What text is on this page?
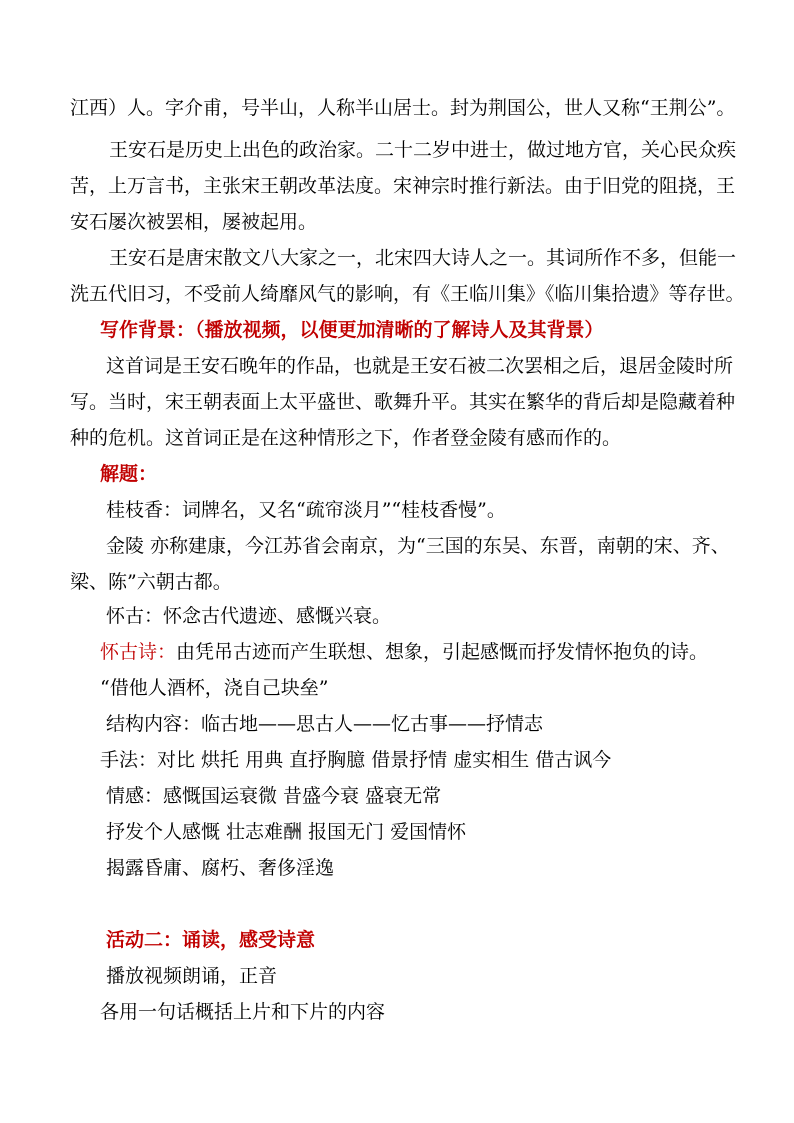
江西）人。字介甫，号半山，人称半山居士。封为荆国公，世人又称“王荆公”。
王安石是历史上出色的政治家。二十二岁中进士，做过地方官，关心民众疾
苦，上万言书，主张宋王朝改革法度。宋神宗时推行新法。由于旧党的阻挠，王
安石屡次被罢相，屡被起用。
王安石是唐宋散文八大家之一，北宋四大诗人之一。其词所作不多，但能一
洗五代旧习，不受前人绮靡风气的影响，有《王临川集》《临川集拾遗》等存世。
写作背景：（播放视频，以便更加清晰的了解诗人及其背景）
这首词是王安石晚年的作品，也就是王安石被二次罢相之后，退居金陵时所
写。当时，宋王朝表面上太平盛世、歌舞升平。其实在繁华的背后却是隐藏着种
种的危机。这首词正是在这种情形之下，作者登金陵有感而作的。
解题：
桂枝香：词牌名，又名“疏帘淡月”“桂枝香慢”。
金陵 亦称建康，今江苏省会南京，为“三国的东吴、东晋，南朝的宋、齐、
梁、陈”六朝古都。
怀古：怀念古代遗迹、感慨兴衰。
怀古诗：由凭吊古迹而产生联想、想象，引起感慨而抒发情怀抱负的诗。
“借他人酒杯，浇自己块垒”
结构内容：临古地——思古人——忆古事——抒情志
手法：对比 烘托 用典 直抒胸臆 借景抒情 虚实相生 借古讽今
情感：感慨国运衰微 昔盛今衰 盛衰无常
抒发个人感慨 壮志难酬 报国无门 爱国情怀
揭露昏庸、腐朽、奢侈淫逸
活动二：诵读，感受诗意
播放视频朗诵，正音
各用一句话概括上片和下片的内容
